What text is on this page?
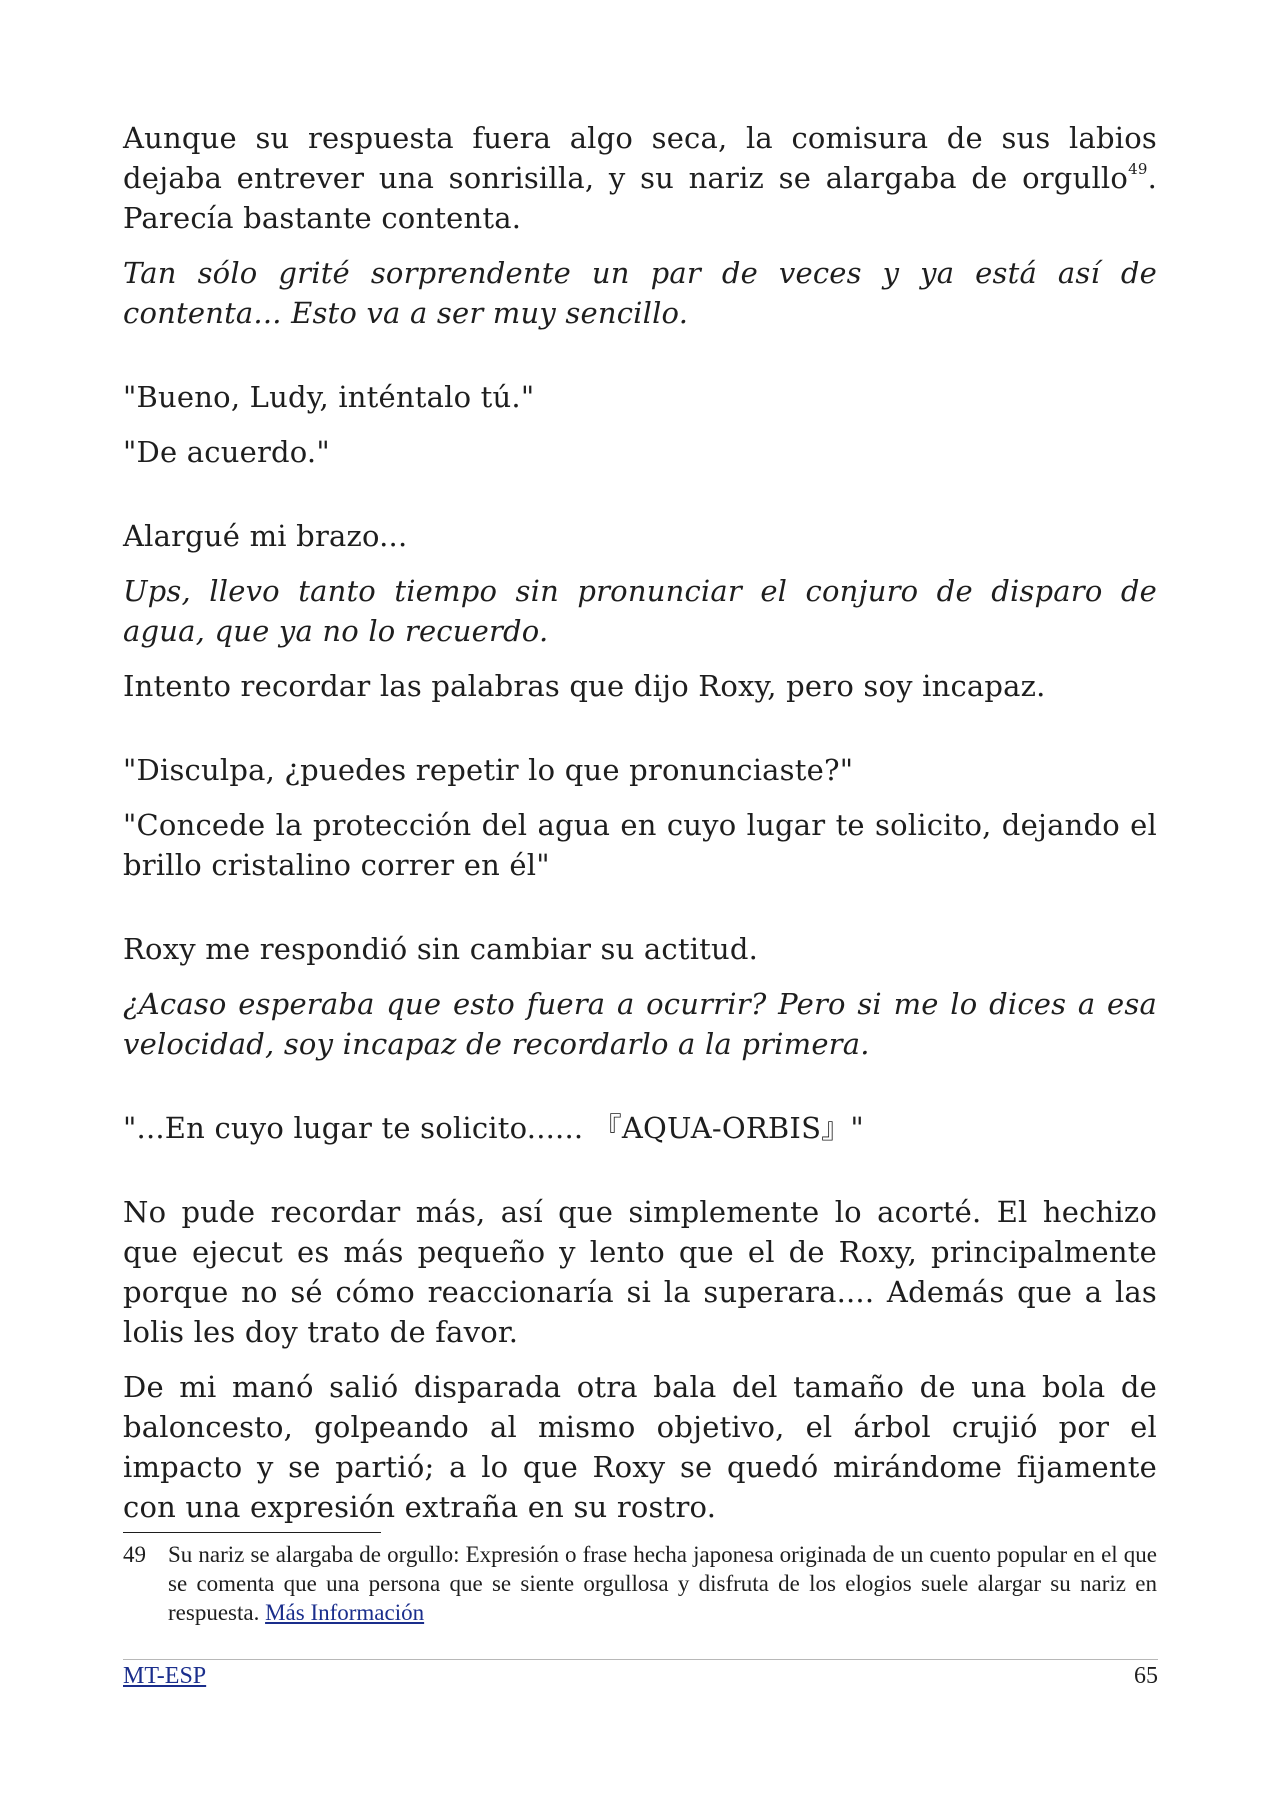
Aunque su respuesta fuera algo seca, la comisura de sus labios dejaba entrever una sonrisilla, y su nariz se alargaba de orgullo$^{49}$. Parecía bastante contenta.

Tan sólo grité sorprendente un par de veces y ya está así de contenta... Esto va a ser muy sencillo.

"Bueno, Ludy, inténtalo tú."

"De acuerdo."

Alargué mi brazo...

Ups, llevo tanto tiempo sin pronunciar el conjuro de disparo de agua, que ya no lo recuerdo.

Intento recordar las palabras que dijo Roxy, pero soy incapaz.

"Disculpa, ¿puedes repetir lo que pronunciaste?"

"Concede la protección del agua en cuyo lugar te solicito, dejando el brillo cristalino correr en él"

Roxy me respondió sin cambiar su actitud.

¿Acaso esperaba que esto fuera a ocurrir? Pero si me lo dices a esa velocidad, soy incapaz de recordarlo a la primera.

"...En cuyo lugar te solicito...... 『AQUA-ORBIS』"

No pude recordar más, así que simplemente lo acorté. El hechizo que ejecut es más pequeño y lento que el de Roxy, principalmente porque no sé cómo reaccionaría si la superara.... Además que a las lolis les doy trato de favor.

De mi manó salió disparada otra bala del tamaño de una bola de baloncesto, golpeando al mismo objetivo, el árbol crujió por el impacto y se partió; a lo que Roxy se quedó mirándome fijamente con una expresión extraña en su rostro.

49 Su nariz se alargaba de orgullo: Expresión o frase hecha japonesa originada de un cuento popular en el que se comenta que una persona que se siente orgullosa y disfruta de los elogios suele alargar su nariz en respuesta. Más Información
MT-ESP	65
